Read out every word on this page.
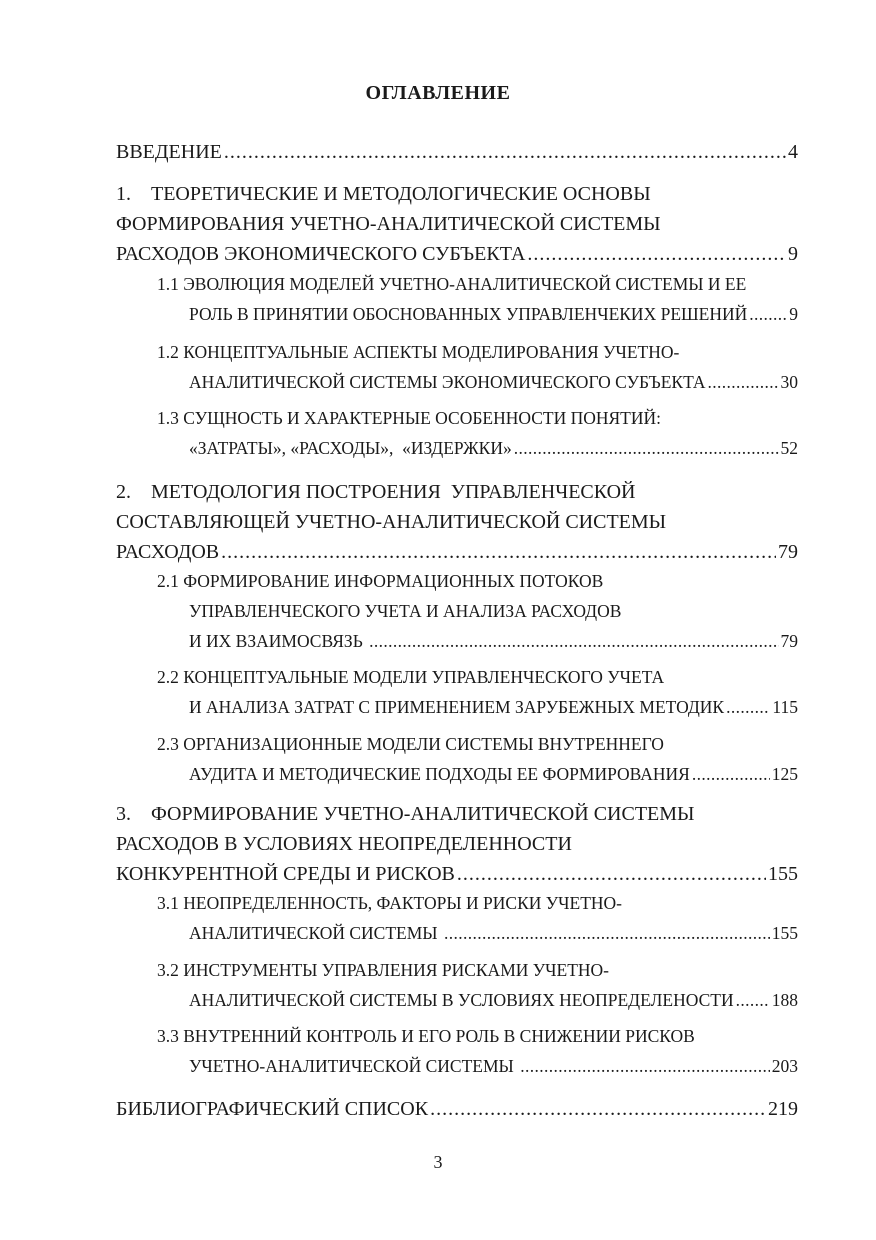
ОГЛАВЛЕНИЕ
ВВЕДЕНИЕ . . .	4
1.    ТЕОРЕТИЧЕСКИЕ И МЕТОДОЛОГИЧЕСКИЕ ОСНОВЫ
ФОРМИРОВАНИЯ УЧЕТНО-АНАЛИТИЧЕСКОЙ СИСТЕМЫ
РАСХОДОВ ЭКОНОМИЧЕСКОГО СУБЪЕКТА . . .	9
1.1 ЭВОЛЮЦИЯ МОДЕЛЕЙ УЧЕТНО-АНАЛИТИЧЕСКОЙ СИСТЕМЫ И ЕЕ
РОЛЬ В ПРИНЯТИИ ОБОСНОВАННЫХ УПРАВЛЕНЧЕКИХ РЕШЕНИЙ . . . 9
1.2 КОНЦЕПТУАЛЬНЫЕ АСПЕКТЫ МОДЕЛИРОВАНИЯ УЧЕТНО-
АНАЛИТИЧЕСКОЙ СИСТЕМЫ ЭКОНОМИЧЕСКОГО СУБЪЕКТА . . .	30
1.3 СУЩНОСТЬ И ХАРАКТЕРНЫЕ ОСОБЕННОСТИ ПОНЯТИЙ:
«ЗАТРАТЫ», «РАСХОДЫ»,  «ИЗДЕРЖКИ» . . .	52
2.    МЕТОДОЛОГИЯ ПОСТРОЕНИЯ  УПРАВЛЕНЧЕСКОЙ
СОСТАВЛЯЮЩЕЙ УЧЕТНО-АНАЛИТИЧЕСКОЙ СИСТЕМЫ
РАСХОДОВ . . .	79
2.1 ФОРМИРОВАНИЕ ИНФОРМАЦИОННЫХ ПОТОКОВ
УПРАВЛЕНЧЕСКОГО УЧЕТА И АНАЛИЗА РАСХОДОВ
И ИХ ВЗАИМОСВЯЗЬ . . .	79
2.2 КОНЦЕПТУАЛЬНЫЕ МОДЕЛИ УПРАВЛЕНЧЕСКОГО УЧЕТА
И АНАЛИЗА ЗАТРАТ С ПРИМЕНЕНИЕМ ЗАРУБЕЖНЫХ МЕТОДИК . . .	115
2.3 ОРГАНИЗАЦИОННЫЕ МОДЕЛИ СИСТЕМЫ ВНУТРЕННЕГО
АУДИТА И МЕТОДИЧЕСКИЕ ПОДХОДЫ ЕЕ ФОРМИРОВАНИЯ . . .	125
3.    ФОРМИРОВАНИЕ УЧЕТНО-АНАЛИТИЧЕСКОЙ СИСТЕМЫ
РАСХОДОВ В УСЛОВИЯХ НЕОПРЕДЕЛЕННОСТИ
КОНКУРЕНТНОЙ СРЕДЫ И РИСКОВ . . .	155
3.1 НЕОПРЕДЕЛЕННОСТЬ, ФАКТОРЫ И РИСКИ УЧЕТНО-
АНАЛИТИЧЕСКОЙ СИСТЕМЫ . . .	155
3.2 ИНСТРУМЕНТЫ УПРАВЛЕНИЯ РИСКАМИ УЧЕТНО-
АНАЛИТИЧЕСКОЙ СИСТЕМЫ В УСЛОВИЯХ НЕОПРЕДЕЛЕНОСТИ . . . 188
3.3 ВНУТРЕННИЙ КОНТРОЛЬ И ЕГО РОЛЬ В СНИЖЕНИИ РИСКОВ
УЧЕТНО-АНАЛИТИЧЕСКОЙ СИСТЕМЫ . . .	203
БИБЛИОГРАФИЧЕСКИЙ СПИСОК . . .	219
3
